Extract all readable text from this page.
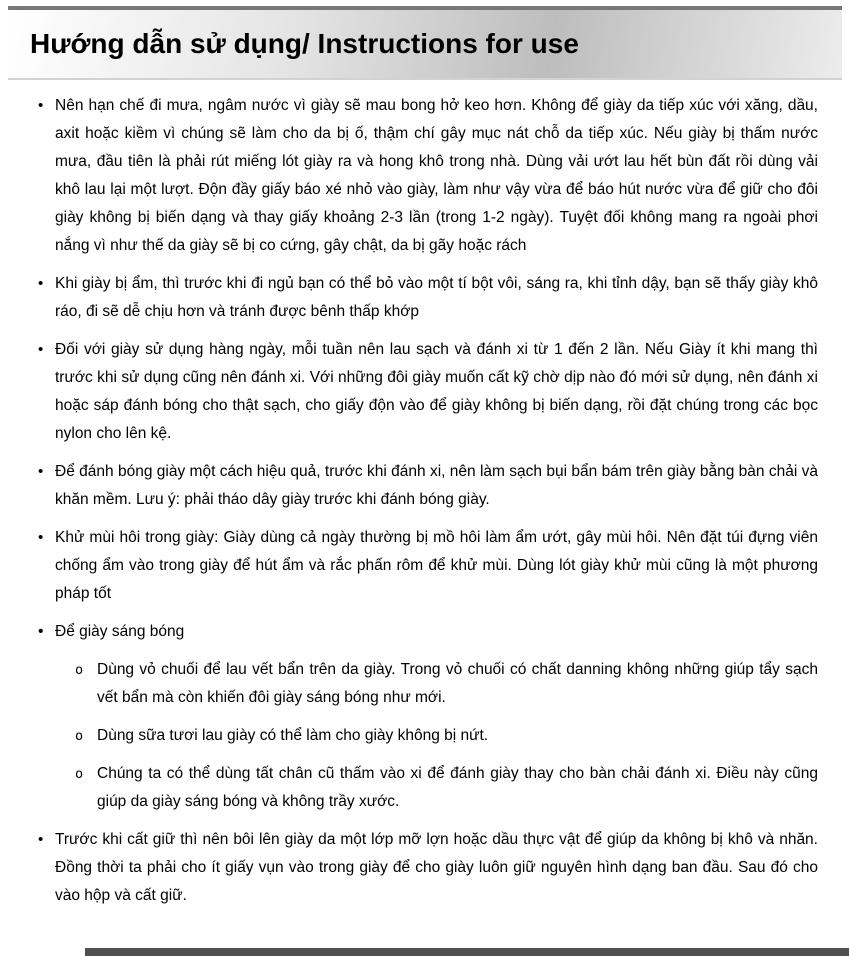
Hướng dẫn sử dụng/ Instructions for use
• Nên hạn chế đi mưa, ngâm nước vì giày sẽ mau bong hở keo hơn. Không để giày da tiếp xúc với xăng, dầu, axit hoặc kiềm vì chúng sẽ làm cho da bị ố, thậm chí gây mục nát chỗ da tiếp xúc. Nếu giày bị thấm nước mưa, đầu tiên là phải rút miếng lót giày ra và hong khô trong nhà. Dùng vải ướt lau hết bùn đất rồi dùng vải khô lau lại một lượt. Độn đầy giấy báo xé nhỏ vào giày, làm như vậy vừa để báo hút nước vừa để giữ cho đôi giày không bị biến dạng và thay giấy khoảng 2-3 lần (trong 1-2 ngày). Tuyệt đối không mang ra ngoài phơi nắng vì như thế da giày sẽ bị co cứng, gây chật, da bị gãy hoặc rách
• Khi giày bị ẩm, thì trước khi đi ngủ bạn có thể bỏ vào một tí bột vôi, sáng ra, khi tỉnh dậy, bạn sẽ thấy giày khô ráo, đi sẽ dễ chịu hơn và tránh được bênh thấp khớp
• Đối với giày sử dụng hàng ngày, mỗi tuần nên lau sạch và đánh xi từ 1 đến 2 lần. Nếu Giày ít khi mang thì trước khi sử dụng cũng nên đánh xi. Với những đôi giày muốn cất kỹ chờ dịp nào đó mới sử dụng, nên đánh xi hoặc sáp đánh bóng cho thật sạch, cho giấy độn vào để giày không bị biến dạng, rồi đặt chúng trong các bọc nylon cho lên kệ.
• Để đánh bóng giày một cách hiệu quả, trước khi đánh xi, nên làm sạch bụi bẩn bám trên giày bằng bàn chải và khăn mềm. Lưu ý: phải tháo dây giày trước khi đánh bóng giày.
• Khử mùi hôi trong giày: Giày dùng cả ngày thường bị mồ hôi làm ẩm ướt, gây mùi hôi. Nên đặt túi đựng viên chống ẩm vào trong giày để hút ẩm và rắc phấn rôm để khử mùi. Dùng lót giày khử mùi cũng là một phương pháp tốt
• Để giày sáng bóng
o Dùng vỏ chuối để lau vết bẩn trên da giày. Trong vỏ chuối có chất danning không những giúp tẩy sạch vết bẩn mà còn khiến đôi giày sáng bóng như mới.
o Dùng sữa tươi lau giày có thể làm cho giày không bị nứt.
o Chúng ta có thể dùng tất chân cũ thấm vào xi để đánh giày thay cho bàn chải đánh xi. Điều này cũng giúp da giày sáng bóng và không trầy xước.
• Trước khi cất giữ thì nên bôi lên giày da một lớp mỡ lợn hoặc dầu thực vật để giúp da không bị khô và nhăn. Đồng thời ta phải cho ít giấy vụn vào trong giày để cho giày luôn giữ nguyên hình dạng ban đầu. Sau đó cho vào hộp và cất giữ.
